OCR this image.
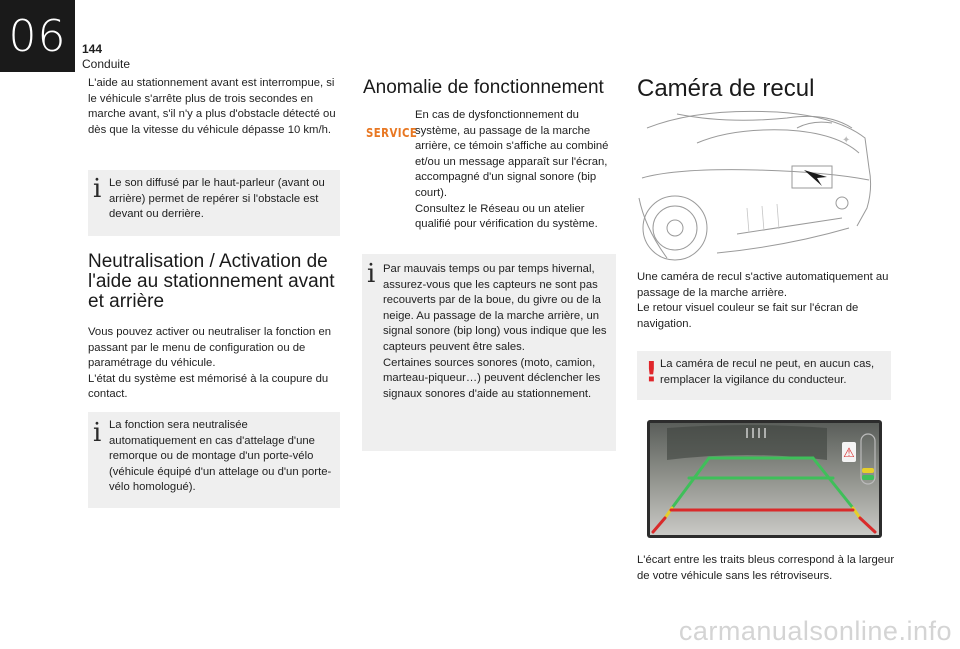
06	144
Conduite

L'aide au stationnement avant est interrompue, si le véhicule s'arrête plus de trois secondes en marche avant, s'il n'y a plus d'obstacle détecté ou dès que la vitesse du véhicule dépasse 10 km/h.

i Le son diffusé par le haut-parleur (avant ou arrière) permet de repérer si l'obstacle est devant ou derrière.
Neutralisation / Activation de l'aide au stationnement avant et arrière

Vous pouvez activer ou neutraliser la fonction en passant par le menu de configuration ou de paramétrage du véhicule.

L'état du système est mémorisé à la coupure du contact.

i La fonction sera neutralisée automatiquement en cas d'attelage d'une remorque ou de montage d'un porte-vélo (véhicule équipé d'un attelage ou d'un porte-vélo homologué).
Anomalie de fonctionnement
SERVICE

En cas de dysfonctionnement du système, au passage de la marche arrière, ce témoin s'affiche au combiné et/ou un message apparaît sur l'écran, accompagné d'un signal sonore (bip court).

Consultez le Réseau ou un atelier qualifié pour vérification du système.

i Par mauvais temps ou par temps hivernal, assurez-vous que les capteurs ne sont pas recouverts par de la boue, du givre ou de la neige. Au passage de la marche arrière, un signal sonore (bip long) vous indique que les capteurs peuvent être sales.
Certaines sources sonores (moto, camion, marteau-piqueur…) peuvent déclencher les signaux sonores d'aide au stationnement.
Caméra de recul
✦

Une caméra de recul s'active automatiquement au passage de la marche arrière.

Le retour visuel couleur se fait sur l'écran de navigation.

! La caméra de recul ne peut, en aucun cas, remplacer la vigilance du conducteur.
⚠

L'écart entre les traits bleus correspond à la largeur de votre véhicule sans les rétroviseurs.

carmanualsonline.info
